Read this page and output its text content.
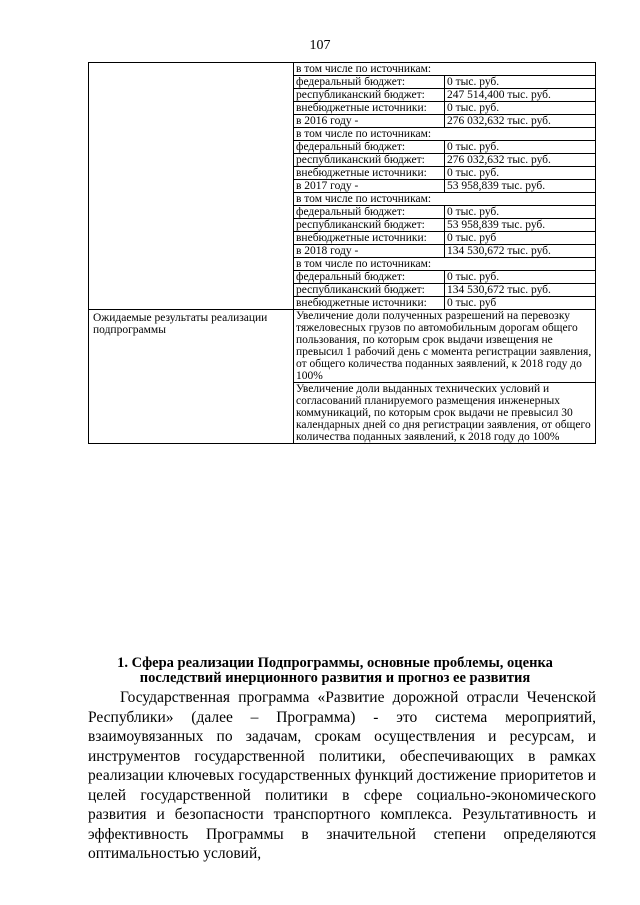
107
	в том числе по источникам:	
	федеральный бюджет:	0 тыс. руб.
	республиканский бюджет:	247 514,400 тыс. руб.
	внебюджетные источники:	0 тыс. руб.
	в 2016 году -	276 032,632 тыс. руб.
	в том числе по источникам:	
	федеральный бюджет:	0 тыс. руб.
	республиканский бюджет:	276 032,632 тыс. руб.
	внебюджетные источники:	0 тыс. руб.
	в 2017 году -	53 958,839 тыс. руб.
	в том числе по источникам:	
	федеральный бюджет:	0 тыс. руб.
	республиканский бюджет:	53 958,839 тыс. руб.
	внебюджетные источники:	0 тыс. руб
	в 2018 году -	134 530,672 тыс. руб.
	в том числе по источникам:	
	федеральный бюджет:	0 тыс. руб.
	республиканский бюджет:	134 530,672 тыс. руб.
	внебюджетные источники:	0 тыс. руб
Ожидаемые результаты реализации подпрограммы	Увеличение доли полученных разрешений на перевозку тяжеловесных грузов по автомобильным дорогам общего пользования, по которым срок выдачи извещения не превысил 1 рабочий день с момента регистрации заявления, от общего количества поданных заявлений, к 2018 году до 100%	
	Увеличение доли выданных технических условий и согласований планируемого размещения инженерных коммуникаций, по которым срок выдачи не превысил 30 календарных дней со дня регистрации заявления, от общего количества поданных заявлений, к 2018 году до 100%	
1. Сфера реализации Подпрограммы, основные проблемы, оценка последствий инерционного развития и прогноз ее развития

Государственная программа «Развитие дорожной отрасли Чеченской Республики» (далее – Программа) - это система мероприятий, взаимоувязанных по задачам, срокам осуществления и ресурсам, и инструментов государственной политики, обеспечивающих в рамках реализации ключевых государственных функций достижение приоритетов и целей государственной политики в сфере социально-экономического развития и безопасности транспортного комплекса. Результативность и эффективность Программы в значительной степени определяются оптимальностью условий,
